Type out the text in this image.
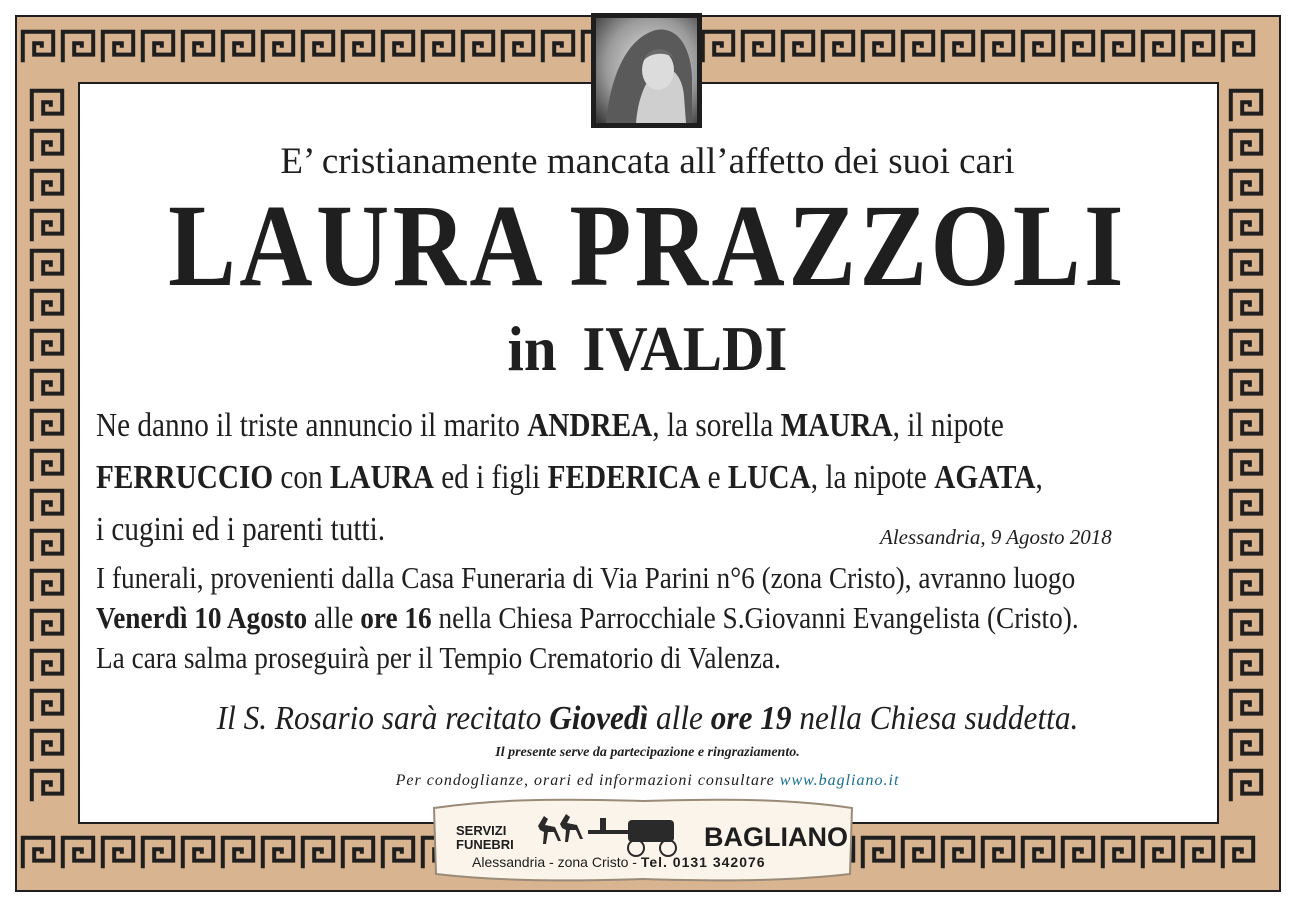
E’ cristianamente mancata all’affetto dei suoi cari
LAURA PRAZZOLI
in IVALDI
Ne danno il triste annuncio il marito ANDREA, la sorella MAURA, il nipote
FERRUCCIO con LAURA ed i figli FEDERICA e LUCA, la nipote AGATA,
i cugini ed i parenti tutti.	Alessandria, 9 Agosto 2018
I funerali, provenienti dalla Casa Funeraria di Via Parini n°6 (zona Cristo), avranno luogo
Venerdì 10 Agosto alle ore 16 nella Chiesa Parrocchiale S.Giovanni Evangelista (Cristo).
La cara salma proseguirà per il Tempio Crematorio di Valenza.
Il S. Rosario sarà recitato Giovedì alle ore 19 nella Chiesa suddetta.
Il presente serve da partecipazione e ringraziamento.
Per condoglianze, orari ed informazioni consultare www.bagliano.it
SERVIZI
FUNEBRI	BAGLIANO
Alessandria - zona Cristo - Tel. 0131 342076
